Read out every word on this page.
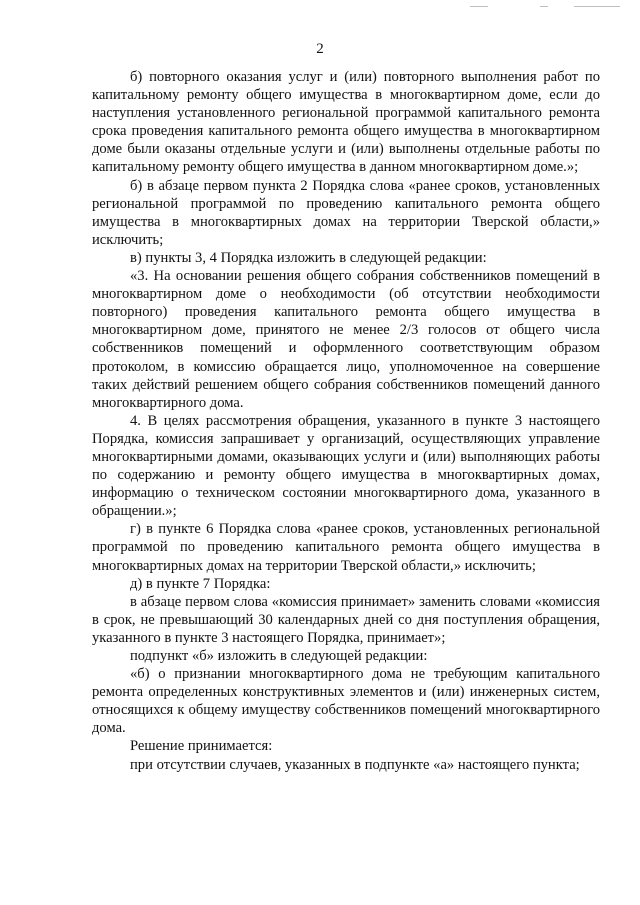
2

б) повторного оказания услуг и (или) повторного выполнения работ по капитальному ремонту общего имущества в многоквартирном доме, если до наступления установленного региональной программой капитального ремонта срока проведения капитального ремонта общего имущества в многоквартирном доме были оказаны отдельные услуги и (или) выполнены отдельные работы по капитальному ремонту общего имущества в данном многоквартирном доме.»;

б) в абзаце первом пункта 2 Порядка слова «ранее сроков, установленных региональной программой по проведению капитального ремонта общего имущества в многоквартирных домах на территории Тверской области,» исключить;

в) пункты 3, 4 Порядка изложить в следующей редакции:

«3. На основании решения общего собрания собственников помещений в многоквартирном доме о необходимости (об отсутствии необходимости повторного) проведения капитального ремонта общего имущества в многоквартирном доме, принятого не менее 2/3 голосов от общего числа собственников помещений и оформленного соответствующим образом протоколом, в комиссию обращается лицо, уполномоченное на совершение таких действий решением общего собрания собственников помещений данного многоквартирного дома.

4. В целях рассмотрения обращения, указанного в пункте 3 настоящего Порядка, комиссия запрашивает у организаций, осуществляющих управление многоквартирными домами, оказывающих услуги и (или) выполняющих работы по содержанию и ремонту общего имущества в многоквартирных домах, информацию о техническом состоянии многоквартирного дома, указанного в обращении.»;

г) в пункте 6 Порядка слова «ранее сроков, установленных региональной программой по проведению капитального ремонта общего имущества в многоквартирных домах на территории Тверской области,» исключить;

д) в пункте 7 Порядка:

в абзаце первом слова «комиссия принимает» заменить словами «комиссия в срок, не превышающий 30 календарных дней со дня поступления обращения, указанного в пункте 3 настоящего Порядка, принимает»;

подпункт «б» изложить в следующей редакции:

«б) о признании многоквартирного дома не требующим капитального ремонта определенных конструктивных элементов и (или) инженерных систем, относящихся к общему имуществу собственников помещений многоквартирного дома.

Решение принимается:

при отсутствии случаев, указанных в подпункте «а» настоящего пункта;
